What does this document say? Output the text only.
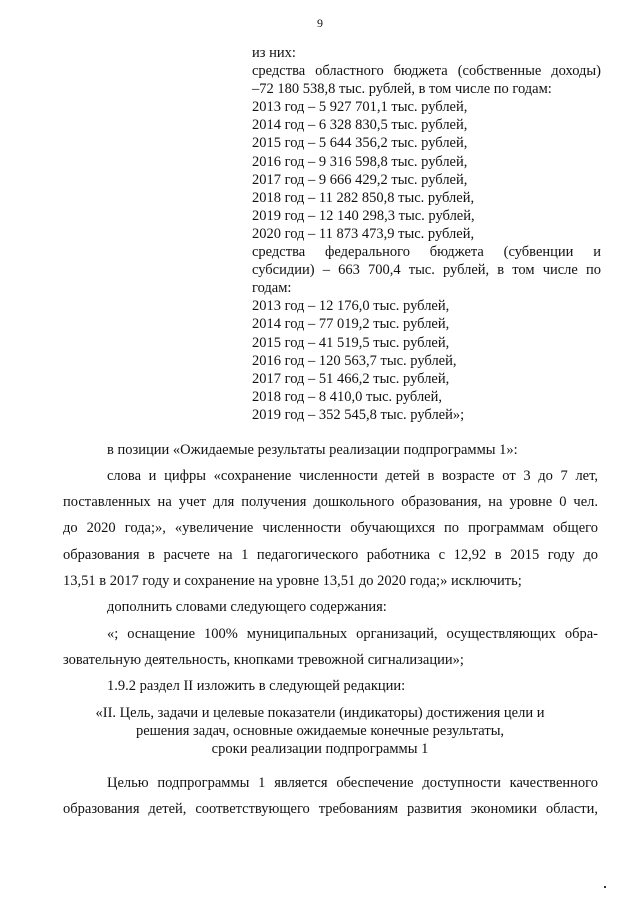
9
из них:
средства областного бюджета (собственные доходы)
–72 180 538,8 тыс. рублей, в том числе по годам:
2013 год – 5 927 701,1 тыс. рублей,
2014 год – 6 328 830,5 тыс. рублей,
2015 год – 5 644 356,2 тыс. рублей,
2016 год – 9 316 598,8 тыс. рублей,
2017 год – 9 666 429,2 тыс. рублей,
2018 год – 11 282 850,8 тыс. рублей,
2019 год – 12 140 298,3 тыс. рублей,
2020 год – 11 873 473,9 тыс. рублей,
средства федерального бюджета (субвенции и
субсидии) – 663 700,4 тыс. рублей, в том числе по
годам:
2013 год – 12 176,0 тыс. рублей,
2014 год – 77 019,2 тыс. рублей,
2015 год – 41 519,5 тыс. рублей,
2016 год – 120 563,7 тыс. рублей,
2017 год – 51 466,2 тыс. рублей,
2018 год – 8 410,0 тыс. рублей,
2019 год – 352 545,8 тыс. рублей»;
в позиции «Ожидаемые результаты реализации подпрограммы 1»:
слова и цифры «сохранение численности детей в возрасте от 3 до 7 лет,
поставленных на учет для получения дошкольного образования, на уровне 0 чел.
до 2020 года;», «увеличение численности обучающихся по программам общего
образования в расчете на 1 педагогического работника с 12,92 в 2015 году до
13,51 в 2017 году и сохранение на уровне 13,51 до 2020 года;» исключить;
дополнить словами следующего содержания:
«; оснащение 100% муниципальных организаций, осуществляющих обра-
зовательную деятельность, кнопками тревожной сигнализации»;
1.9.2 раздел II изложить в следующей редакции:
«II. Цель, задачи и целевые показатели (индикаторы) достижения цели и
решения задач, основные ожидаемые конечные результаты,
сроки реализации подпрограммы 1
Целью подпрограммы 1 является обеспечение доступности качественного
образования детей, соответствующего требованиям развития экономики области,
